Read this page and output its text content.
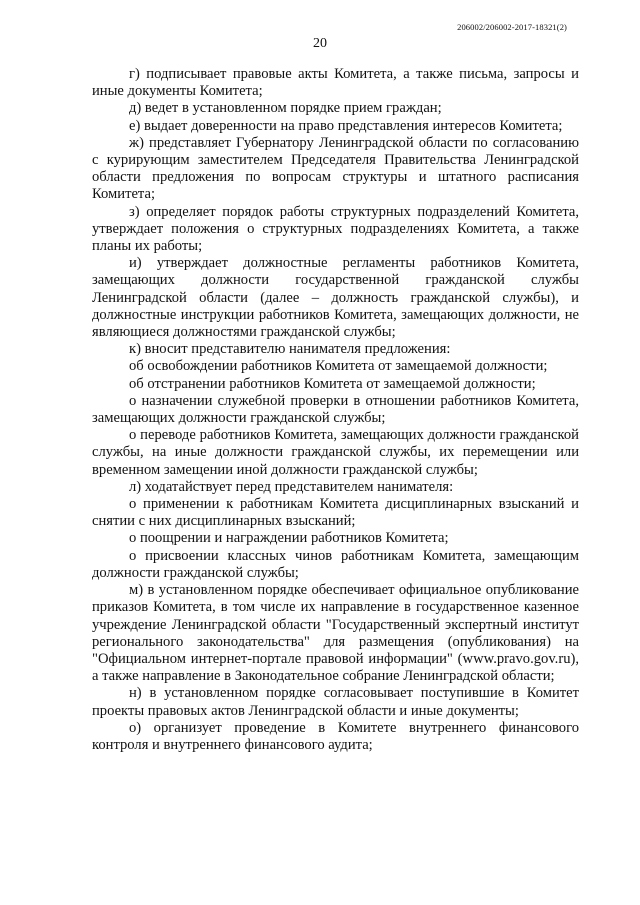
206002/206002-2017-18321(2)
20

г) подписывает правовые акты Комитета, а также письма, запросы и иные документы Комитета;

д) ведет в установленном порядке прием граждан;

е) выдает доверенности на право представления интересов Комитета;

ж) представляет Губернатору Ленинградской области по согласованию с курирующим заместителем Председателя Правительства Ленинградской области предложения по вопросам структуры и штатного расписания Комитета;

з) определяет порядок работы структурных подразделений Комитета, утверждает положения о структурных подразделениях Комитета, а также планы их работы;

и) утверждает должностные регламенты работников Комитета, замещающих должности государственной гражданской службы Ленинградской области (далее – должность гражданской службы), и должностные инструкции работников Комитета, замещающих должности, не являющиеся должностями гражданской службы;

к) вносит представителю нанимателя предложения:

об освобождении работников Комитета от замещаемой должности;

об отстранении работников Комитета от замещаемой должности;

о назначении служебной проверки в отношении работников Комитета, замещающих должности гражданской службы;

о переводе работников Комитета, замещающих должности гражданской службы, на иные должности гражданской службы, их перемещении или временном замещении иной должности гражданской службы;

л) ходатайствует перед представителем нанимателя:

о применении к работникам Комитета дисциплинарных взысканий и снятии с них дисциплинарных взысканий;

о поощрении и награждении работников Комитета;

о присвоении классных чинов работникам Комитета, замещающим должности гражданской службы;

м) в установленном порядке обеспечивает официальное опубликование приказов Комитета, в том числе их направление в государственное казенное учреждение Ленинградской области "Государственный экспертный институт регионального законодательства" для размещения (опубликования) на "Официальном интернет-портале правовой информации" (www.pravo.gov.ru), а также направление в Законодательное собрание Ленинградской области;

н) в установленном порядке согласовывает поступившие в Комитет проекты правовых актов Ленинградской области и иные документы;

о) организует проведение в Комитете внутреннего финансового контроля и внутреннего финансового аудита;
